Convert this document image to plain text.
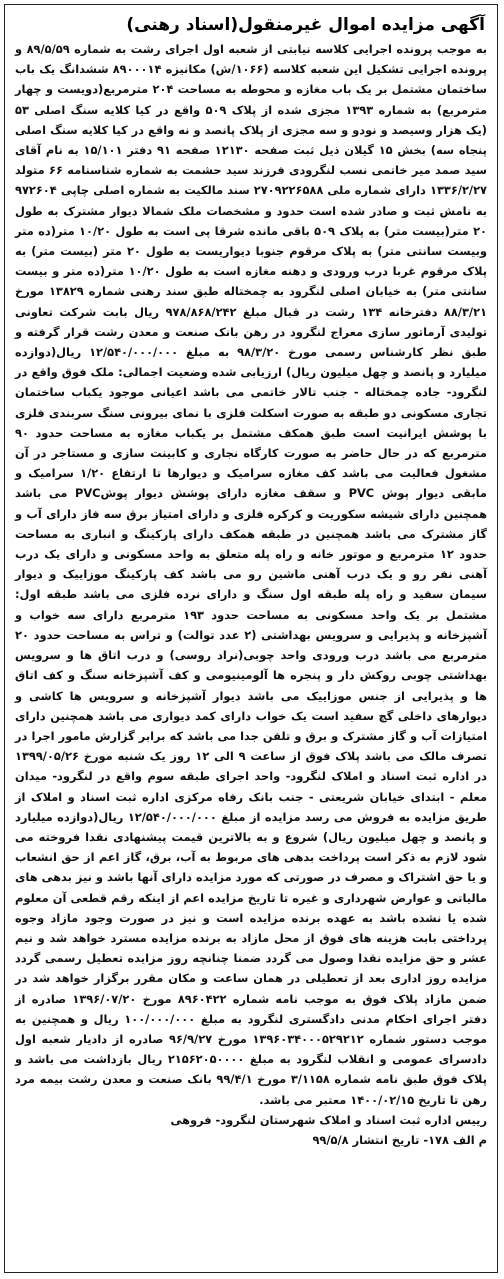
آگهی مزایده اموال غیرمنقول(اسناد رهنی)
به موجب پرونده اجرایی کلاسه نیابتی از شعبه اول اجرای رشت به شماره ۸۹/۵/۵۹ و پرونده اجرایی تشکیل این شعبه کلاسه (۱۰۶۶/ش) مکانیزه ۸۹۰۰۰۱۴ ششدانگ یک باب ساختمان مشتمل بر یک باب مغازه و محوطه به مساحت ۲۰۴ مترمربع(دویست و چهار مترمربع) به شماره ۱۳۹۳ مجزی شده از پلاک ۵۰۹ واقع در کیا کلایه سنگ اصلی ۵۳ (یک هزار وسیصد و نودو و سه مجزی از پلاک پانصد و نه واقع در کیا کلایه سنگ اصلی پنجاه سه) بخش ۱۵ گیلان ذیل ثبت صفحه ۱۲۱۳۰ صفحه ۹۱ دفتر ۱۵/۱۰۱ به نام آقای سید صمد میر خاتمی نسب لنگرودی فرزند سید حشمت به شماره شناسنامه ۶۶ متولد ۱۳۳۶/۲/۲۷ دارای شماره ملی ۲۷۰۹۲۲۶۵۸۸ سند مالکیت به شماره اصلی چاپی ۹۷۲۶۰۴ به نامش ثبت و صادر شده است حدود و مشخصات ملک شمالا دیوار مشترک به طول ۲۰ متر(بیست متر) به پلاک ۵۰۹ باقی مانده شرقا پی است به طول ۱۰/۲۰ متر(ده متر وبیست سانتی متر) به پلاک مرقوم جنوبا دیواریست به طول ۲۰ متر (بیست متر) به پلاک مرقوم غربا درب ورودی و دهنه مغازه است به طول ۱۰/۲۰ متر(ده متر و بیست سانتی متر) به خیابان اصلی لنگرود به چمختاله طبق سند رهنی شماره ۱۳۸۲۹ مورخ ۸۸/۳/۲۱ دفترخانه ۱۳۴ رشت در قبال مبلغ ۹۷۸/۸۶۸/۲۴۲ ریال بابت شرکت تعاونی تولیدی آرماتور سازی معراج لنگرود در رهن بانک صنعت و معدن رشت قرار گرفته و طبق نظر کارشناس رسمی مورخ ۹۸/۳/۲۰ به مبلغ ۱۲/۵۴۰/۰۰۰/۰۰۰ ریال(دوازده میلیارد و پانصد و چهل میلیون ریال) ارزیابی شده وضعیت اجمالی: ملک فوق واقع در لنگرود- جاده چمختاله - جنب تالار خاتمی می باشد اعیانی موجود یکباب ساختمان تجاری مسکونی دو طبقه به صورت اسکلت فلزی با نمای بیرونی سنگ سربندی فلزی با پوشش ایرانیت است طبق همکف مشتمل بر یکباب مغازه به مساحت حدود ۹۰ مترمربع که در حال حاضر به صورت کارگاه نجاری و کابینت سازی و مستاجر در آن مشغول فعالیت می باشد کف مغازه سرامیک و دیوارها تا ارتفاع ۱/۲۰ سرامیک و مابقی دیوار پوش PVC و سقف مغازه دارای پوشش دیوار پوشPVC می باشد همچنین دارای شیشه سکوریت و کرکره فلزی و دارای امتیاز برق سه فاز دارای آب و گاز مشترک می باشد همچنین در طبقه همکف دارای پارکینگ و انباری به مساحت حدود ۱۲ مترمربع و موتور خانه و راه پله متعلق به واحد مسکونی و دارای یک درب آهنی نفر رو و یک درب آهنی ماشین رو می باشد کف پارکینگ موزاییک و دیوار سیمان سفید و راه پله طبقه اول سنگ و دارای نرده فلزی می باشد طبقه اول: مشتمل بر یک واحد مسکونی به مساحت حدود ۱۹۳ مترمربع دارای سه خواب و آشپزخانه و پذیرایی و سرویس بهداشتی (۲ عدد توالت) و تراس به مساحت حدود ۲۰ مترمربع می باشد درب ورودی واحد چوبی(نراد روسی) و درب اتاق ها و سرویس بهداشتی چوبی روکش دار و پنجره ها آلومینیومی و کف آشپزخانه سنگ و کف اتاق ها و پذیرایی از جنس موزاییک می باشد دیوار آشپزخانه و سرویس ها کاشی و دیوارهای داخلی گچ سفید است یک خواب دارای کمد دیواری می باشد همچنین دارای امتیازات آب و گاز مشترک و برق و تلفن جدا می باشد که برابر گزارش مامور اجرا در تصرف مالک می باشد پلاک فوق از ساعت ۹ الی ۱۲ روز یک شنبه مورخ ۱۳۹۹/۰۵/۲۶ در اداره ثبت اسناد و املاک لنگرود- واحد اجرای طبقه سوم واقع در لنگرود- میدان معلم - ابتدای خیابان شریعتی - جنب بانک رفاه مرکزی اداره ثبت اسناد و املاک از طریق مزایده به فروش می رسد مزایده از مبلغ ۱۲/۵۴۰/۰۰۰/۰۰۰ ریال(دوازده میلیارد و پانصد و چهل میلیون ریال) شروع و به بالاترین قیمت پیشنهادی نقدا فروخته می شود لازم به ذکر است پرداخت بدهی های مربوط به آب، برق، گاز اعم از حق انشعاب و یا حق اشتراک و مصرف در صورتی که مورد مزایده دارای آنها باشد و نیز بدهی های مالیاتی و عوارض شهرداری و غیره تا تاریخ مزایده اعم از اینکه رقم قطعی آن معلوم شده یا نشده باشد به عهده برنده مزایده است و نیز در صورت وجود مازاد وجوه پرداختی بابت هزینه های فوق از محل مازاد به برنده مزایده مسترد خواهد شد و نیم عشر و حق مزایده نقدا وصول می گردد ضمنا چنانچه روز مزایده تعطیل رسمی گردد مزایده روز اداری بعد از تعطیلی در همان ساعت و مکان مقرر برگزار خواهد شد در ضمن مازاد پلاک فوق به موجب نامه شماره ۸۹۶۰۴۲۲ مورخ ۱۳۹۶/۰۷/۲۰ صادره از دفتر اجرای احکام مدنی دادگستری لنگرود به مبلغ ۱۰۰/۰۰۰/۰۰۰ ریال و همچنین به موجب دستور شماره ۱۳۹۶۰۳۴۰۰۰۵۲۹۲۱۲ مورخ ۹۶/۹/۲۷ صادره از دادیار شعبه اول دادسرای عمومی و انقلاب لنگرود به مبلغ ۲۱۵۶۲۰۵۰۰۰۰ ریال بازداشت می باشد و پلاک فوق طبق نامه شماره ۳/۱۱۵۸ مورخ ۹۹/۴/۱ بانک صنعت و معدن رشت بیمه مرد رهن تا تاریخ ۱۴۰۰/۰۲/۱۵ معتبر می باشد.
رییس اداره ثبت اسناد و املاک شهرستان لنگرود- فروهی
م الف ۱۷۸- تاریخ انتشار ۹۹/۵/۸
